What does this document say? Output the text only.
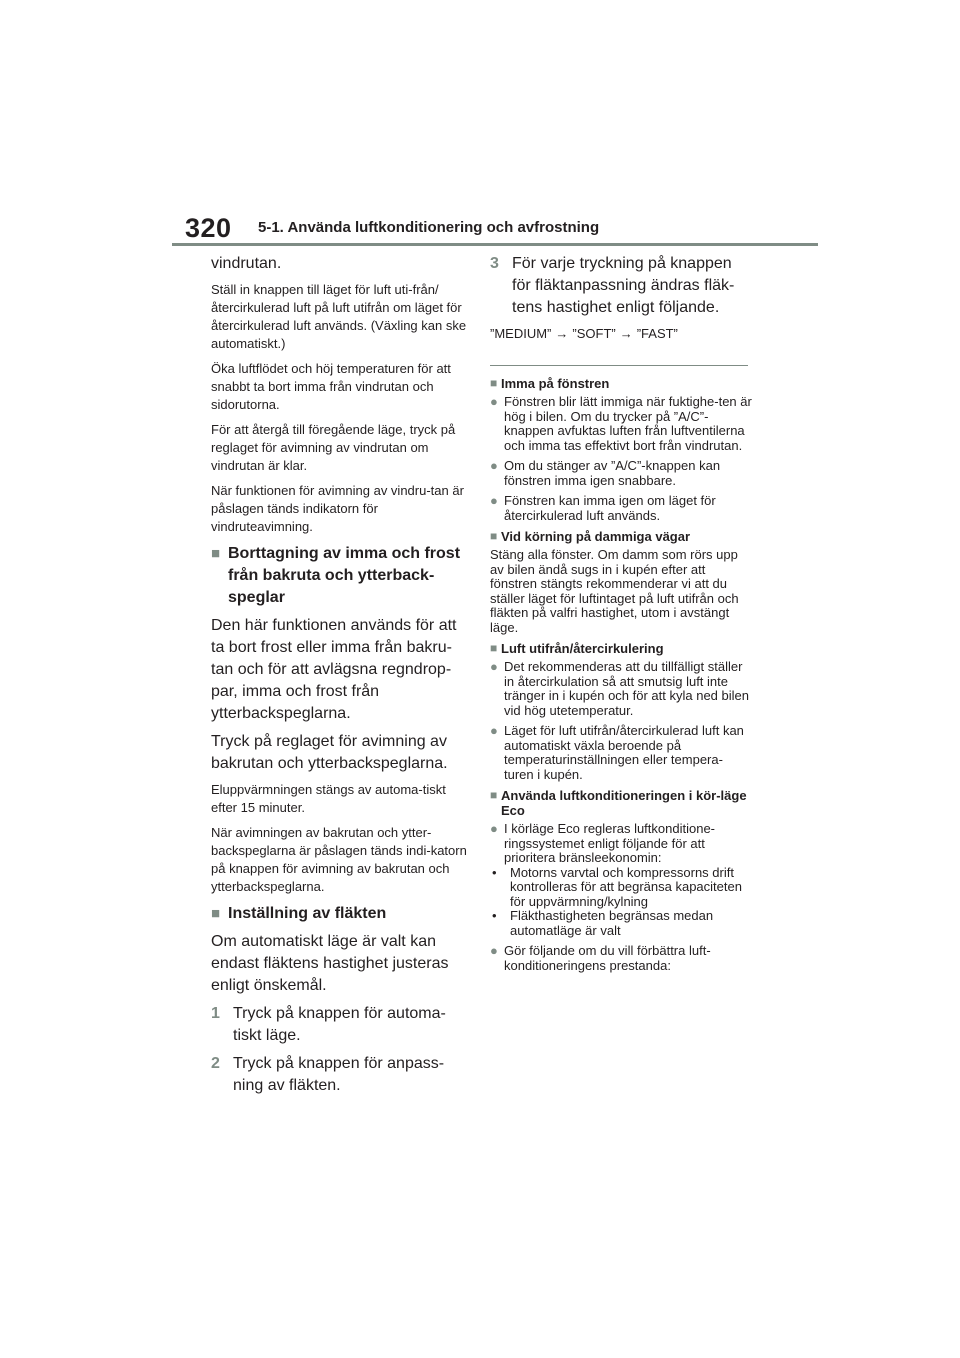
320 5-1. Använda luftkonditionering och avfrostning

vindrutan.

Ställ in knappen till läget för luft uti-från/återcirkulerad luft på luft utifrån om läget för återcirkulerad luft används. (Växling kan ske automatiskt.)

Öka luftflödet och höj temperaturen för att snabbt ta bort imma från vindrutan och sidorutorna.

För att återgå till föregående läge, tryck på reglaget för avimning av vindrutan om vindrutan är klar.

När funktionen för avimning av vindru-tan är påslagen tänds indikatorn för vindruteavimning.

■ Borttagning av imma och frost från bakruta och ytterback-speglar

Den här funktionen används för att ta bort frost eller imma från bakru-tan och för att avlägsna regndrop-par, imma och frost från ytterbackspeglarna.

Tryck på reglaget för avimning av bakrutan och ytterbackspeglarna.

Eluppvärmningen stängs av automa-tiskt efter 15 minuter.

När avimningen av bakrutan och ytter-backspeglarna är påslagen tänds indi-katorn på knappen för avimning av bakrutan och ytterbackspeglarna.

■ Inställning av fläkten

Om automatiskt läge är valt kan endast fläktens hastighet justeras enligt önskemål.

1 Tryck på knappen för automa-tiskt läge.
2 Tryck på knappen för anpass-ning av fläkten.
3 För varje tryckning på knappen för fläktanpassning ändras fläk-tens hastighet enligt följande.
”MEDIUM” → ”SOFT” → ”FAST”
■ Imma på fönstren
● Fönstren blir lätt immiga när fuktighe-ten är hög i bilen. Om du trycker på ”A/C”-knappen avfuktas luften från luftventilerna och imma tas effektivt bort från vindrutan.
● Om du stänger av ”A/C”-knappen kan fönstren imma igen snabbare.
● Fönstren kan imma igen om läget för återcirkulerad luft används.
■ Vid körning på dammiga vägar

Stäng alla fönster. Om damm som rörs upp av bilen ändå sugs in i kupén efter att fönstren stängts rekommenderar vi att du ställer läget för luftintaget på luft utifrån och fläkten på valfri hastighet, utom i avstängt läge.

■ Luft utifrån/återcirkulering
● Det rekommenderas att du tillfälligt ställer in återcirkulation så att smutsig luft inte tränger in i kupén och för att kyla ned bilen vid hög utetemperatur.
● Läget för luft utifrån/återcirkulerad luft kan automatiskt växla beroende på temperaturinställningen eller tempera-turen i kupén.
■ Använda luftkonditioneringen i kör-läge Eco
● I körläge Eco regleras luftkonditione-ringssystemet enligt följande för att prioritera bränsleekonomin:
•	Motorns varvtal och kompressorns drift kontrolleras för att begränsa kapaciteten för uppvärmning/kylning
•	Fläkthastigheten begränsas medan automatläge är valt
● Gör följande om du vill förbättra luft-konditioneringens prestanda:
